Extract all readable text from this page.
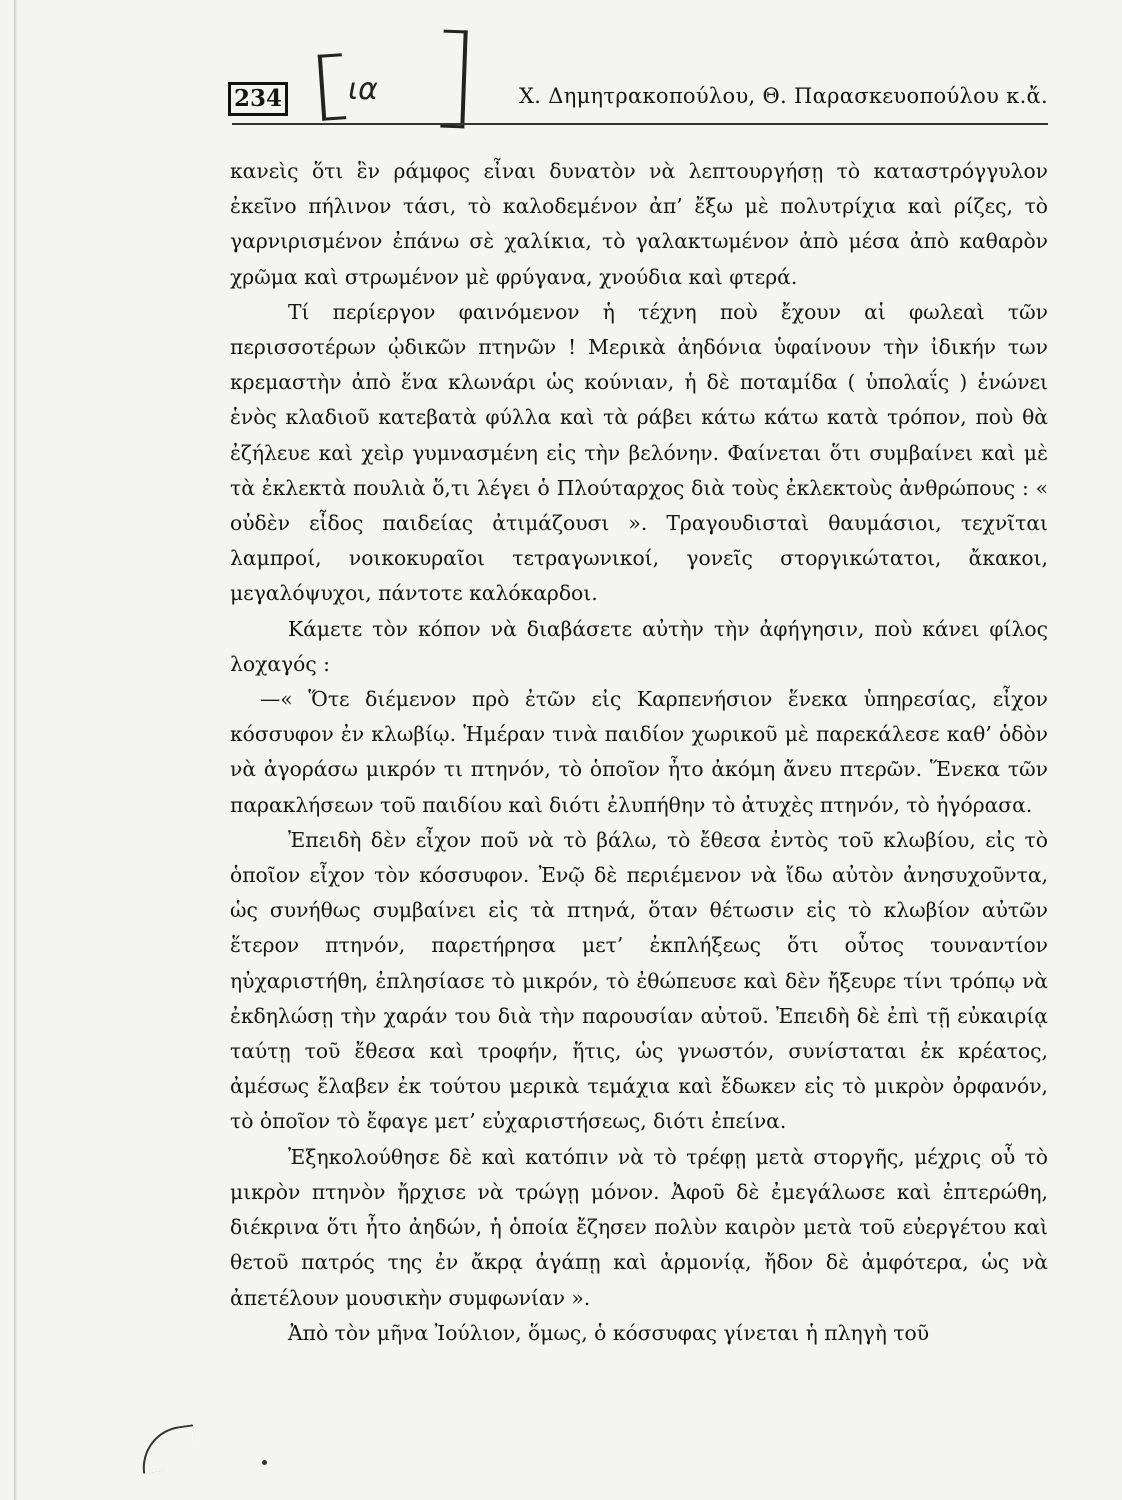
234 ια	Χ. Δημητρακοπούλου, Θ. Παρασκευοπούλου κ.ἄ.

κανεὶς ὅτι ἓν ράμφος εἶναι δυνατὸν νὰ λεπτουργήσῃ τὸ καταστρόγγυλον ἐκεῖνο πήλινον τάσι, τὸ καλοδεμένον ἀπ’ ἔξω μὲ πολυτρίχια καὶ ρίζες, τὸ γαρνιρισμένον ἐπάνω σὲ χαλίκια, τὸ γαλακτωμένον ἀπὸ μέσα ἀπὸ καθαρὸν χρῶμα καὶ στρωμένον μὲ φρύγανα, χνούδια καὶ φτερά.

Τί περίεργον φαινόμενον ἡ τέχνη ποὺ ἔχουν αἱ φωλεαὶ τῶν περισσοτέρων ᾠδικῶν πτηνῶν ! Μερικὰ ἀηδόνια ὑφαίνουν τὴν ἰδικήν των κρεμαστὴν ἀπὸ ἕνα κλωνάρι ὡς κούνιαν, ἡ δὲ ποταμίδα ( ὑπολαΐς ) ἑνώνει ἑνὸς κλαδιοῦ κατεβατὰ φύλλα καὶ τὰ ράβει κάτω κάτω κατὰ τρόπον, ποὺ θὰ ἐζήλευε καὶ χεὶρ γυμνασμένη εἰς τὴν βελόνην. Φαίνεται ὅτι συμβαίνει καὶ μὲ τὰ ἐκλεκτὰ πουλιὰ ὅ,τι λέγει ὁ Πλούταρχος διὰ τοὺς ἐκλεκτοὺς ἀνθρώπους : « οὐδὲν εἶδος παιδείας ἀτιμάζουσι ». Τραγουδισταὶ θαυμάσιοι, τεχνῖται λαμπροί, νοικοκυραῖοι τετραγωνικοί, γονεῖς στοργικώτατοι, ἄκακοι, μεγαλόψυχοι, πάντοτε καλόκαρδοι.

Κάμετε τὸν κόπον νὰ διαβάσετε αὐτὴν τὴν ἀφήγησιν, ποὺ κάνει φίλος λοχαγός :

—« Ὅτε διέμενον πρὸ ἐτῶν εἰς Καρπενήσιον ἕνεκα ὑπηρεσίας, εἶχον κόσσυφον ἐν κλωβίῳ. Ἡμέραν τινὰ παιδίον χωρικοῦ μὲ παρεκάλεσε καθ’ ὁδὸν νὰ ἀγοράσω μικρόν τι πτηνόν, τὸ ὁποῖον ἦτο ἀκόμη ἄνευ πτερῶν. Ἕνεκα τῶν παρακλήσεων τοῦ παιδίου καὶ διότι ἐλυπήθην τὸ ἀτυχὲς πτηνόν, τὸ ἠγόρασα.

Ἐπειδὴ δὲν εἶχον ποῦ νὰ τὸ βάλω, τὸ ἔθεσα ἐντὸς τοῦ κλωβίου, εἰς τὸ ὁποῖον εἶχον τὸν κόσσυφον. Ἐνῷ δὲ περιέμενον νὰ ἴδω αὐτὸν ἀνησυχοῦντα, ὡς συνήθως συμβαίνει εἰς τὰ πτηνά, ὅταν θέτωσιν εἰς τὸ κλωβίον αὐτῶν ἕτερον πτηνόν, παρετήρησα μετ’ ἐκπλήξεως ὅτι οὗτος τουναντίον ηὐχαριστήθη, ἐπλησίασε τὸ μικρόν, τὸ ἐθώπευσε καὶ δὲν ἤξευρε τίνι τρόπῳ νὰ ἐκδηλώσῃ τὴν χαράν του διὰ τὴν παρουσίαν αὐτοῦ. Ἐπειδὴ δὲ ἐπὶ τῇ εὐκαιρίᾳ ταύτῃ τοῦ ἔθεσα καὶ τροφήν, ἥτις, ὡς γνωστόν, συνίσταται ἐκ κρέατος, ἀμέσως ἔλαβεν ἐκ τούτου μερικὰ τεμάχια καὶ ἔδωκεν εἰς τὸ μικρὸν ὀρφανόν, τὸ ὁποῖον τὸ ἔφαγε μετ’ εὐχαριστήσεως, διότι ἐπείνα.

Ἐξηκολούθησε δὲ καὶ κατόπιν νὰ τὸ τρέφῃ μετὰ στοργῆς, μέχρις οὗ τὸ μικρὸν πτηνὸν ἤρχισε νὰ τρώγῃ μόνον. Ἀφοῦ δὲ ἐμεγάλωσε καὶ ἐπτερώθη, διέκρινα ὅτι ἦτο ἀηδών, ἡ ὁποία ἔζησεν πολὺν καιρὸν μετὰ τοῦ εὐεργέτου καὶ θετοῦ πατρός της ἐν ἄκρᾳ ἀγάπῃ καὶ ἁρμονίᾳ, ἤδον δὲ ἀμφότερα, ὡς νὰ ἀπετέλουν μουσικὴν συμφωνίαν ».

Ἀπὸ τὸν μῆνα Ἰούλιον, ὅμως, ὁ κόσσυφας γίνεται ἡ πληγὴ τοῦ
